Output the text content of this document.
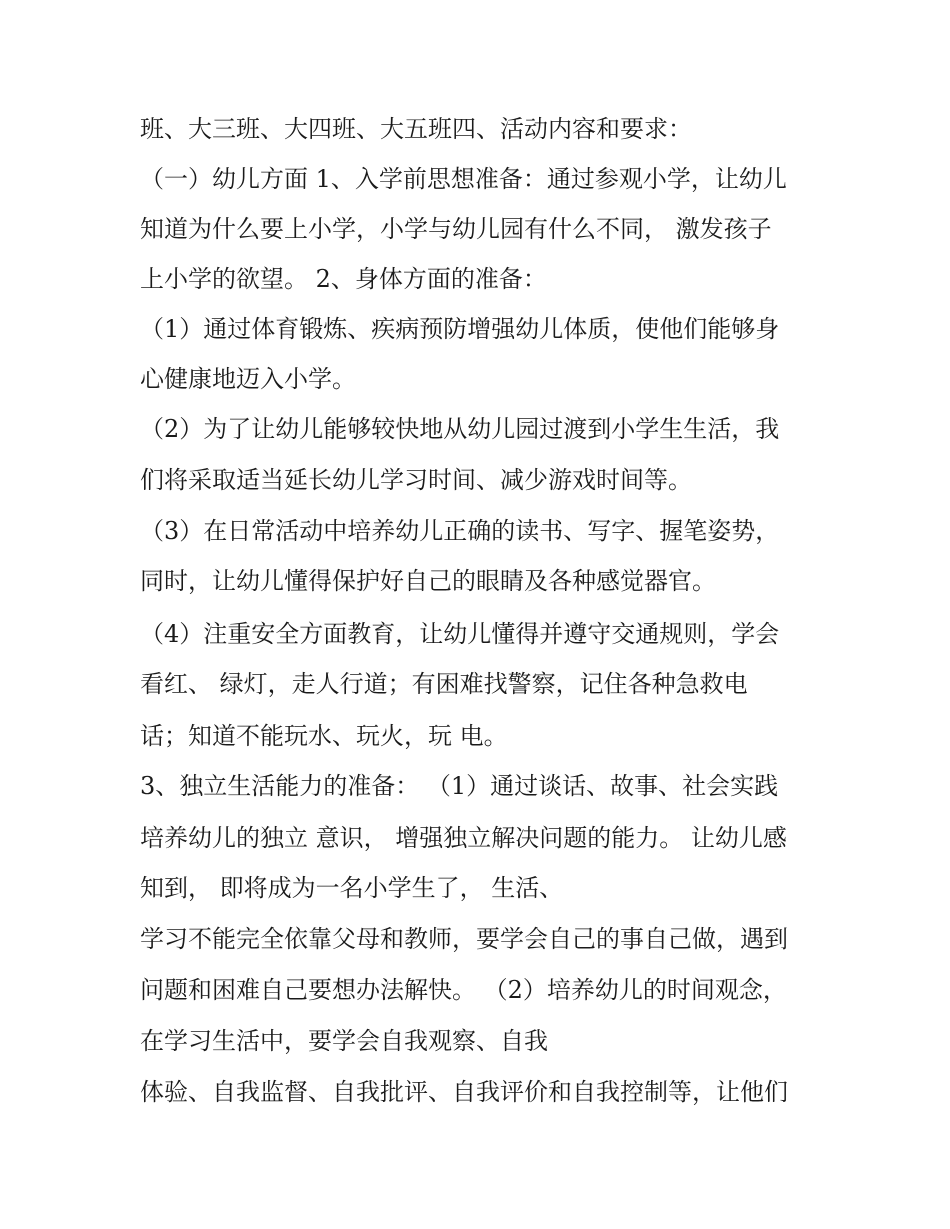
班、大三班、大四班、大五班四、活动内容和要求：
（一）幼儿方面 1、入学前思想准备：通过参观小学，让幼儿
知道为什么要上小学，小学与幼儿园有什么不同， 激发孩子
上小学的欲望。 2、身体方面的准备：
（1）通过体育锻炼、疾病预防增强幼儿体质，使他们能够身
心健康地迈入小学。
（2）为了让幼儿能够较快地从幼儿园过渡到小学生生活，我
们将采取适当延长幼儿学习时间、减少游戏时间等。
（3）在日常活动中培养幼儿正确的读书、写字、握笔姿势，
同时，让幼儿懂得保护好自己的眼睛及各种感觉器官。
（4）注重安全方面教育，让幼儿懂得并遵守交通规则，学会
看红、 绿灯，走人行道；有困难找警察，记住各种急救电
话；知道不能玩水、玩火，玩 电。
3、独立生活能力的准备： （1）通过谈话、故事、社会实践
培养幼儿的独立 意识， 增强独立解决问题的能力。 让幼儿感
知到， 即将成为一名小学生了， 生活、
学习不能完全依靠父母和教师，要学会自己的事自己做，遇到
问题和困难自己要想办法解快。 （2）培养幼儿的时间观念，
在学习生活中，要学会自我观察、自我
体验、自我监督、自我批评、自我评价和自我控制等，让他们
